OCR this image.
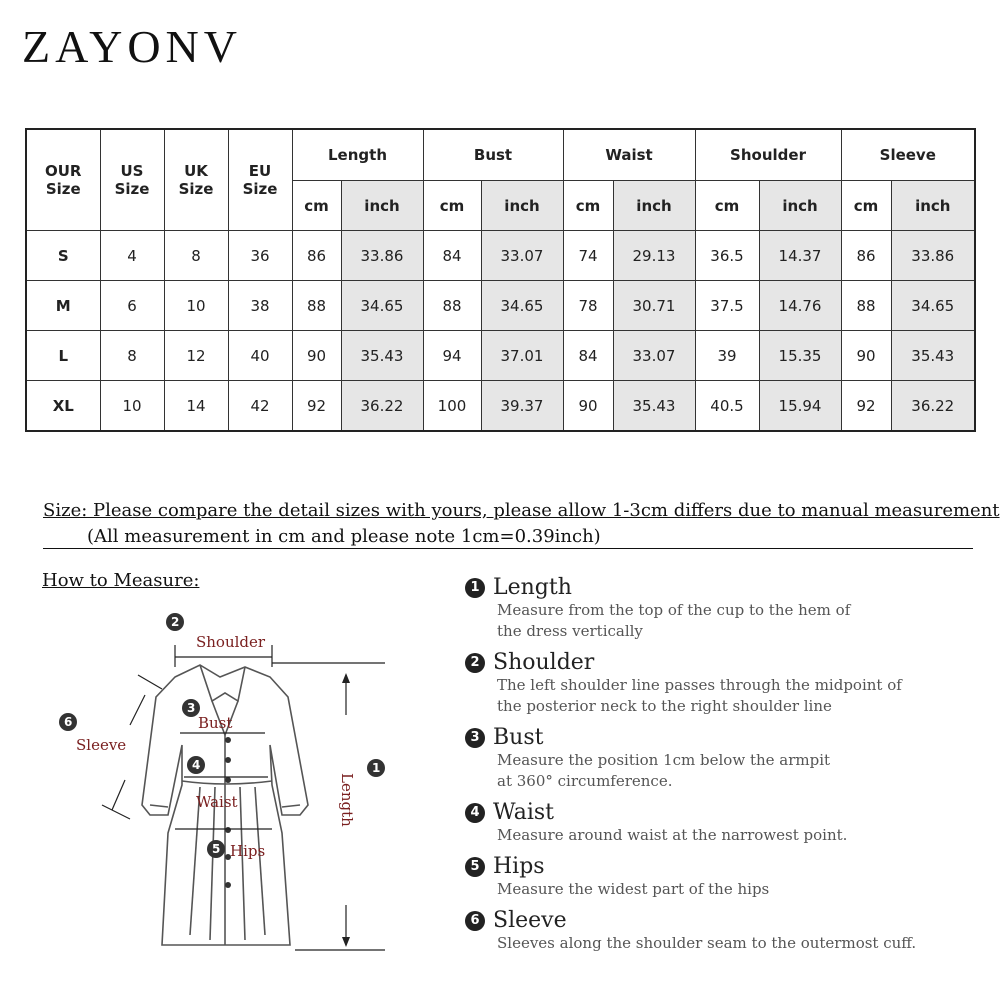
ZAYONV
OUR Size	US Size	UK Size	EU Size	Length		Bust		Waist		Shoulder		Sleeve	
				cm	inch	cm	inch	cm	inch	cm	inch	cm	inch
S	4	8	36	86	33.86	84	33.07	74	29.13	36.5	14.37	86	33.86
M	6	10	38	88	34.65	88	34.65	78	30.71	37.5	14.76	88	34.65
L	8	12	40	90	35.43	94	37.01	84	33.07	39	15.35	90	35.43
XL	10	14	42	92	36.22	100	39.37	90	35.43	40.5	15.94	92	36.22
Size: Please compare the detail sizes with yours, please allow 1-3cm differs due to manual measurement
(All measurement in cm and please note 1cm=0.39inch)
How to Measure:
Shoulder
Bust
Waist
Hips
Sleeve
Length
2
3
4
5
6
1
1 Length
Measure from the top of the cup to the hem of
the dress vertically
2 Shoulder
The left shoulder line passes through the midpoint of
the posterior neck to the right shoulder line
3 Bust
Measure the position 1cm below the armpit
at 360° circumference.
4 Waist
Measure around waist at the narrowest point.
5 Hips
Measure the widest part of the hips
6 Sleeve
Sleeves along the shoulder seam to the outermost cuff.
